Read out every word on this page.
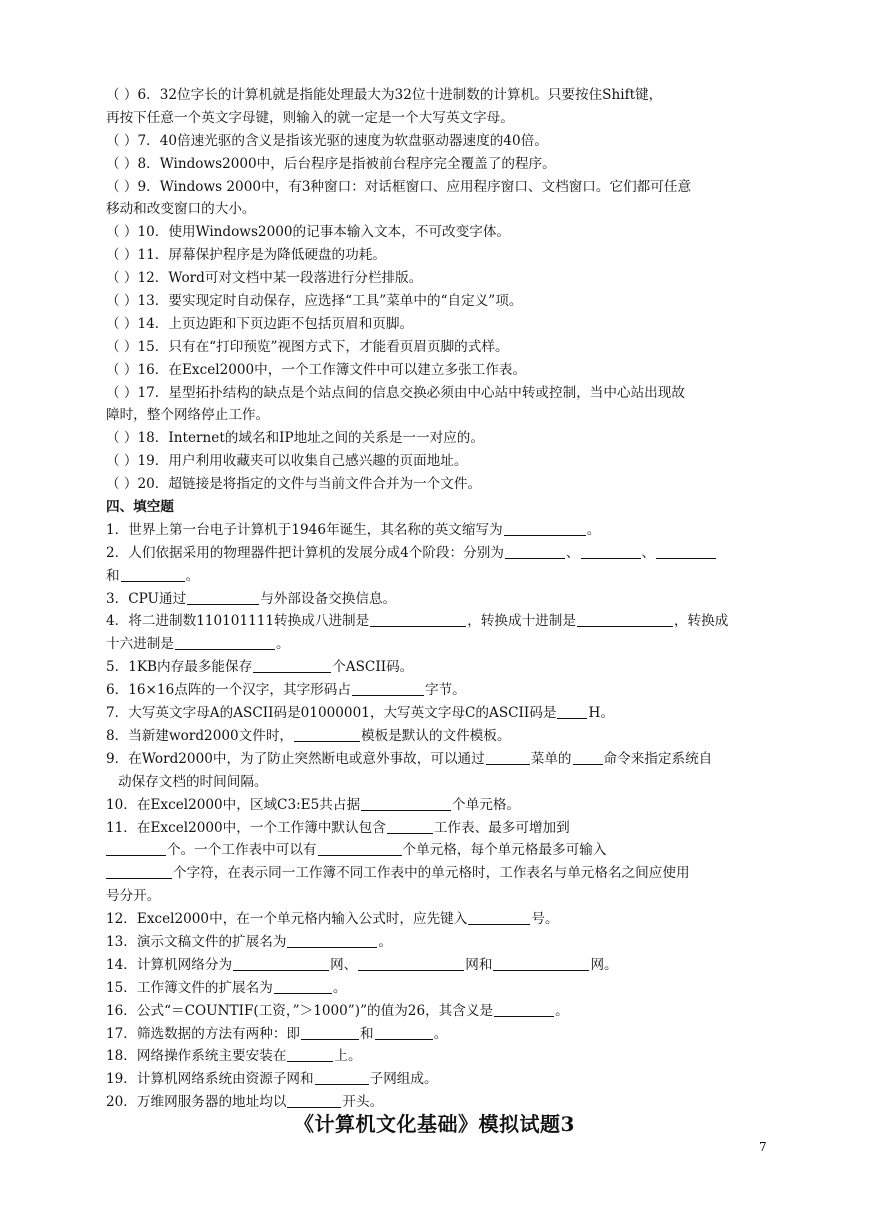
（ ）6．32位字长的计算机就是指能处理最大为32位十进制数的计算机。只要按住Shift键，
再按下任意一个英文字母键，则输入的就一定是一个大写英文字母。
（ ）7．40倍速光驱的含义是指该光驱的速度为软盘驱动器速度的40倍。
（ ）8．Windows2000中，后台程序是指被前台程序完全覆盖了的程序。
（ ）9．Windows 2000中，有3种窗口：对话框窗口、应用程序窗口、文档窗口。它们都可任意
移动和改变窗口的大小。
（ ）10．使用Windows2000的记事本输入文本，不可改变字体。
（ ）11．屏幕保护程序是为降低硬盘的功耗。
（ ）12．Word可对文档中某一段落进行分栏排版。
（ ）13．要实现定时自动保存，应选择“工具”菜单中的“自定义”项。
（ ）14．上页边距和下页边距不包括页眉和页脚。
（ ）15．只有在“打印预览”视图方式下，才能看页眉页脚的式样。
（ ）16．在Excel2000中，一个工作簿文件中可以建立多张工作表。
（ ）17．星型拓扑结构的缺点是个站点间的信息交换必须由中心站中转或控制，当中心站出现故
障时，整个网络停止工作。
（ ）18．Internet的域名和IP地址之间的关系是一一对应的。
（ ）19．用户利用收藏夹可以收集自己感兴趣的页面地址。
（ ）20．超链接是将指定的文件与当前文件合并为一个文件。
四、填空题
1．世界上第一台电子计算机于1946年诞生，其名称的英文缩写为	。
2．人们依据采用的物理器件把计算机的发展分成4个阶段：分别为	、	、
和	。
3．CPU通过	与外部设备交换信息。
4．将二进制数110101111转换成八进制是	，转换成十进制是	，转换成
十六进制是	。
5．1KB内存最多能保存	个ASCII码。
6．16×16点阵的一个汉字，其字形码占	字节。
7．大写英文字母A的ASCII码是01000001，大写英文字母C的ASCII码是 H。
8．当新建word2000文件时，	模板是默认的文件模板。
9．在Word2000中，为了防止突然断电或意外事故，可以通过	菜单的 命令来指定系统自
动保存文档的时间间隔。
10．在Excel2000中，区域C3:E5共占据	个单元格。
11．在Excel2000中，一个工作簿中默认包含	工作表、最多可增加到
个。一个工作表中可以有	个单元格，每个单元格最多可输入
个字符，在表示同一工作簿不同工作表中的单元格时，工作表名与单元格名之间应使用
号分开。
12．Excel2000中，在一个单元格内输入公式时，应先键入	号。
13．演示文稿文件的扩展名为	。
14．计算机网络分为	网、	网和	网。
15．工作簿文件的扩展名为	。
16．公式“＝COUNTIF(工资，”＞1000”)”的值为26，其含义是	。
17．筛选数据的方法有两种：即	和	。
18．网络操作系统主要安装在	上。
19．计算机网络系统由资源子网和	子网组成。
20．万维网服务器的地址均以	开头。
《计算机文化基础》模拟试题3
7
